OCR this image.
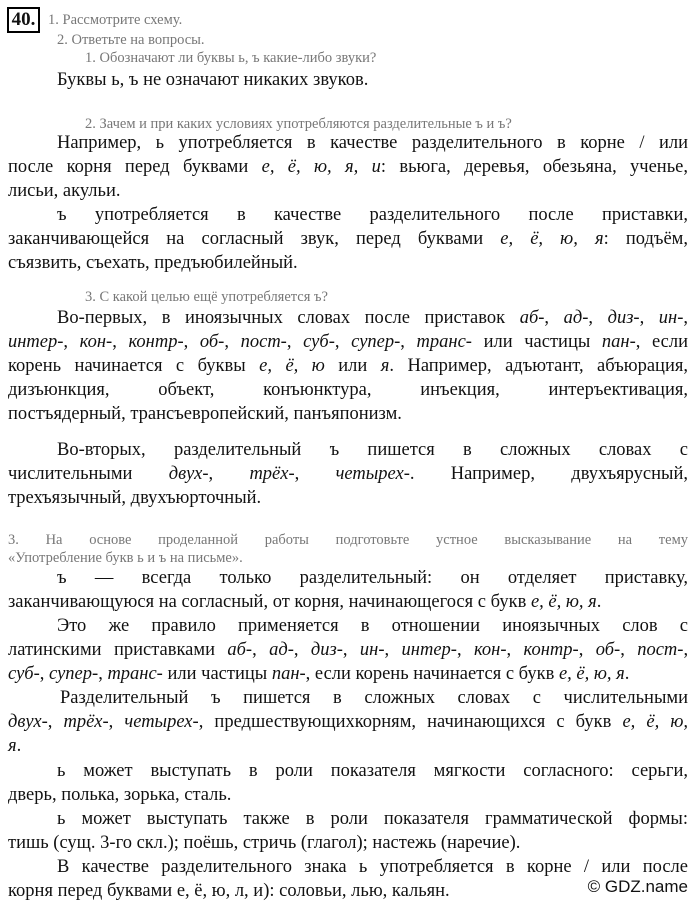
40. 1. Рассмотрите схему.
2. Ответьте на вопросы.
1. Обозначают ли буквы ь, ъ какие-либо звуки?
2. Зачем и при каких условиях употребляются разделительные ъ и ъ?
3. С какой целью ещё употребляется ъ?
3. На основе проделанной работы подготовьте устное высказывание на тему
«Употребление букв ь и ъ на письме».
Буквы ь, ъ не означают никаких звуков.
Например, ь употребляется в качестве разделительного в корне / или
после корня перед буквами е, ё, ю, я, и: вьюга, деревья, обезьяна, ученье,
лисьи, акульи.
ъ употребляется в качестве разделительного после приставки,
заканчивающейся на согласный звук, перед буквами е, ё, ю, я: подъём,
съязвить, съехать, предъюбилейный.
Во-первых, в иноязычных словах после приставок аб-, ад-, диз-, ин-,
интер-, кон-, контр-, об-, пост-, суб-, супер-, транс- или частицы пан-, если
корень начинается с буквы е, ё, ю или я. Например, адъютант, абъюрация,
дизъюнкция, объект, конъюнктура, инъекция, интеръективация,
постъядерный, трансъевропейский, панъяпонизм.
Во-вторых, разделительный ъ пишется в сложных словах с
числительными двух-, трёх-, четырех-. Например, двухъярусный,
трехъязычный, двухъюрточный.
ъ — всегда только разделительный: он отделяет приставку,
заканчивающуюся на согласный, от корня, начинающегося с букв е, ё, ю, я.
Это же правило применяется в отношении иноязычных слов с
латинскими приставками аб-, ад-, диз-, ин-, интер-, кон-, контр-, об-, пост-,
суб-, супер-, транс- или частицы пан-, если корень начинается с букв е, ё, ю, я.
Разделительный ъ пишется в сложных словах с числительными
двух-, трёх-, четырех-, предшествующихкорням, начинающихся с букв е, ё, ю,
я.
ь может выступать в роли показателя мягкости согласного: серьги,
дверь, полька, зорька, сталь.
ь может выступать также в роли показателя грамматической формы:
тишь (сущ. 3-го скл.); поёшь, стричь (глагол); настежь (наречие).
В качестве разделительного знака ь употребляется в корне / или после
корня перед буквами е, ё, ю, л, и): соловьи, лью, кальян.	© GDZ.name
